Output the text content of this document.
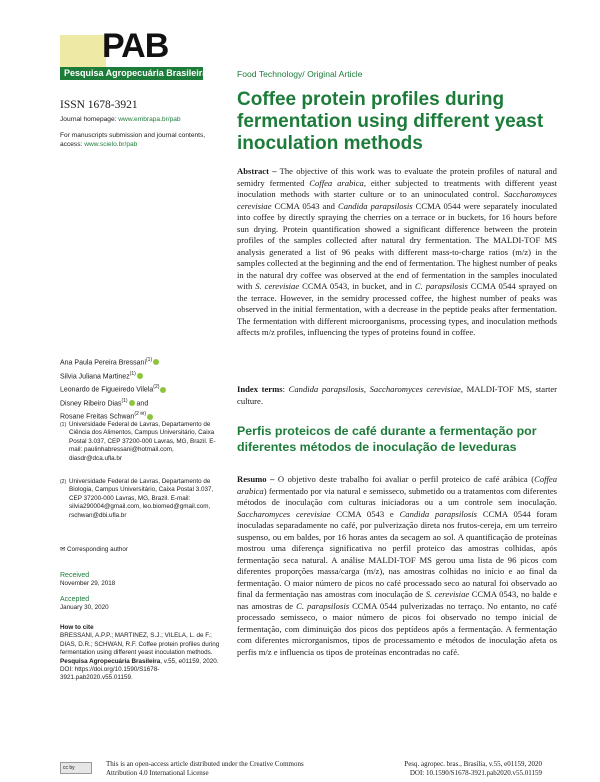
PAB
Pesquisa Agropecuária Brasileira
ISSN 1678-3921
Journal homepage: www.embrapa.br/pab
For manuscripts submission and journal contents, access: www.scielo.br/pab
Food Technology/ Original Article
Coffee protein profiles during fermentation using different yeast inoculation methods

Abstract – The objective of this work was to evaluate the protein profiles of natural and semidry fermented Coffea arabica, either subjected to treatments with different yeast inoculation methods with starter culture or to an uninoculated control. Saccharomyces cerevisiae CCMA 0543 and Candida parapsilosis CCMA 0544 were separately inoculated into coffee by directly spraying the cherries on a terrace or in buckets, for 16 hours before sun drying. Protein quantification showed a significant difference between the protein profiles of the samples collected after natural dry fermentation. The MALDI-TOF MS analysis generated a list of 96 peaks with different mass-to-charge ratios (m/z) in the samples collected at the beginning and the end of fermentation. The highest number of peaks in the natural dry coffee was observed at the end of fermentation in the samples inoculated with S. cerevisiae CCMA 0543, in bucket, and in C. parapsilosis CCMA 0544 sprayed on the terrace. However, in the semidry processed coffee, the highest number of peaks was observed in the initial fermentation, with a decrease in the peptide peaks after fermentation. The fermentation with different microorganisms, processing types, and inoculation methods affects m/z profiles, influencing the types of proteins found in coffee.

Index terms: Candida parapsilosis, Saccharomyces cerevisiae, MALDI-TOF MS, starter culture.

Perfis proteicos de café durante a fermentação por diferentes métodos de inoculação de leveduras

Resumo – O objetivo deste trabalho foi avaliar o perfil proteico de café arábica (Coffea arabica) fermentado por via natural e semisseco, submetido ou a tratamentos com diferentes métodos de inoculação com culturas iniciadoras ou a um controle sem inoculação. Saccharomyces cerevisiae CCMA 0543 e Candida parapsilosis CCMA 0544 foram inoculadas separadamente no café, por pulverização direta nos frutos-cereja, em um terreiro suspenso, ou em baldes, por 16 horas antes da secagem ao sol. A quantificação de proteínas mostrou uma diferença significativa no perfil proteico das amostras colhidas, após fermentação seca natural. A análise MALDI-TOF MS gerou uma lista de 96 picos com diferentes proporções massa/carga (m/z), nas amostras colhidas no início e ao final da fermentação. O maior número de picos no café processado seco ao natural foi observado ao final da fermentação nas amostras com inoculação de S. cerevisiae CCMA 0543, no balde e nas amostras de C. parapsilosis CCMA 0544 pulverizadas no terraço. No entanto, no café processado semisseco, o maior número de picos foi observado no tempo inicial de fermentação, com diminuição dos picos dos peptídeos após a fermentação. A fermentação com diferentes microrganismos, tipos de processamento e métodos de inoculação afeta os perfis m/z e influencia os tipos de proteínas encontradas no café.

Ana Paula Pereira Bressani$^{(1)}$
Silvia Juliana Martinez$^{(1)}$
Leonardo de Figueiredo Vilela$^{(2)}$
Disney Ribeiro Dias$^{(1)}$ and
Rosane Freitas Schwan$^{(2 ✉)}$
(1) Universidade Federal de Lavras, Departamento de Ciência dos Alimentos, Campus Universitário, Caixa Postal 3.037, CEP 37200-000 Lavras, MG, Brazil. E-mail: paulinhabressani@hotmail.com, diasdr@dca.ufla.br
(2) Universidade Federal de Lavras, Departamento de Biologia, Campus Universitário, Caixa Postal 3.037, CEP 37200-000 Lavras, MG, Brazil. E-mail: silvia290004@gmail.com, leo.biomed@gmail.com, rschwan@dbi.ufla.br
✉ Corresponding author
Received
November 29, 2018
Accepted
January 30, 2020
How to cite
BRESSANI, A.P.P.; MARTINEZ, S.J.; VILELA, L. de F.; DIAS, D.R.; SCHWAN, R.F. Coffee protein profiles during fermentation using different yeast inoculation methods. Pesquisa Agropecuária Brasileira, v.55, e01159, 2020. DOI: https://doi.org/10.1590/S1678-3921.pab2020.v55.01159.
cc by	This is an open-access article distributed under the Creative Commons Attribution 4.0 International License
Pesq. agropec. bras., Brasília, v.55, e01159, 2020
DOI: 10.1590/S1678-3921.pab2020.v55.01159
